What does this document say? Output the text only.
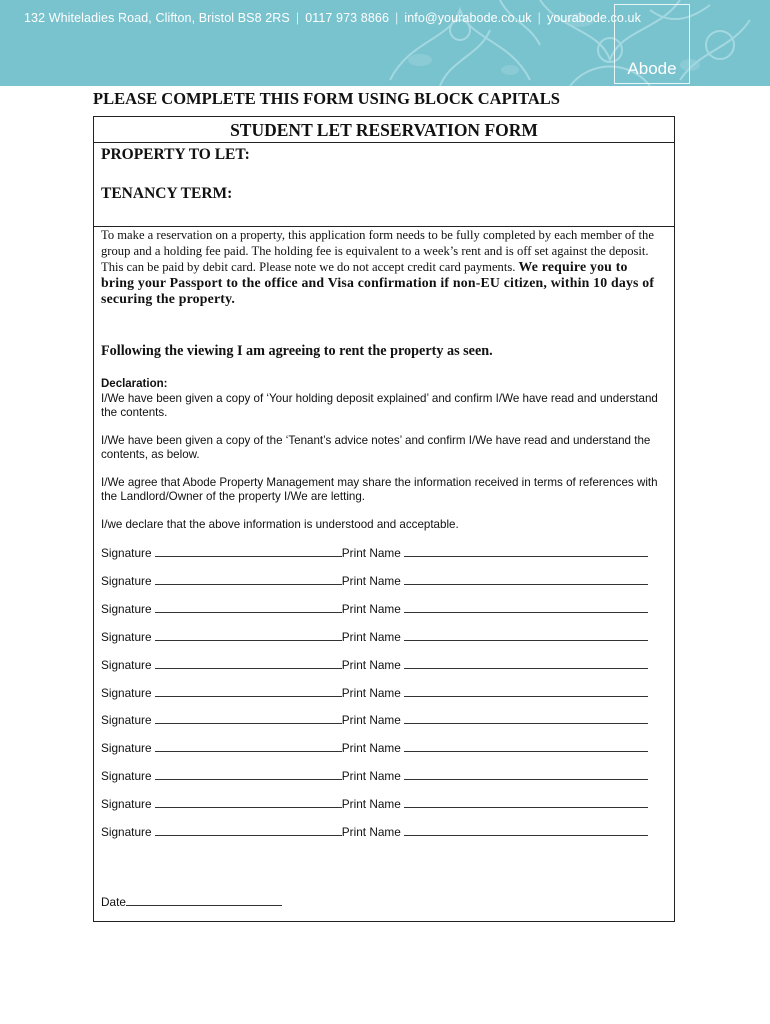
132 Whiteladies Road, Clifton, Bristol BS8 2RS | 0117 973 8866 | info@yourabode.co.uk | yourabode.co.uk
Abode
PLEASE COMPLETE THIS FORM USING BLOCK CAPITALS
STUDENT LET RESERVATION FORM
PROPERTY TO LET:
TENANCY TERM:
To make a reservation on a property, this application form needs to be fully completed by each member of the group and a holding fee paid. The holding fee is equivalent to a week’s rent and is off set against the deposit. This can be paid by debit card. Please note we do not accept credit card payments. We require you to bring your Passport to the office and Visa confirmation if non-EU citizen, within 10 days of securing the property.
Following the viewing I am agreeing to rent the property as seen.
Declaration:
I/We have been given a copy of ‘Your holding deposit explained’ and confirm I/We have read and understand the contents.
I/We have been given a copy of the ‘Tenant’s advice notes’ and confirm I/We have read and understand the contents, as below.
I/We agree that Abode Property Management may share the information received in terms of references with the Landlord/Owner of the property I/We are letting.
I/we declare that the above information is understood and acceptable.
Signature	Print Name
Signature	Print Name
Signature	Print Name
Signature	Print Name
Signature	Print Name
Signature	Print Name
Signature	Print Name
Signature	Print Name
Signature	Print Name
Signature	Print Name
Signature	Print Name
Date
